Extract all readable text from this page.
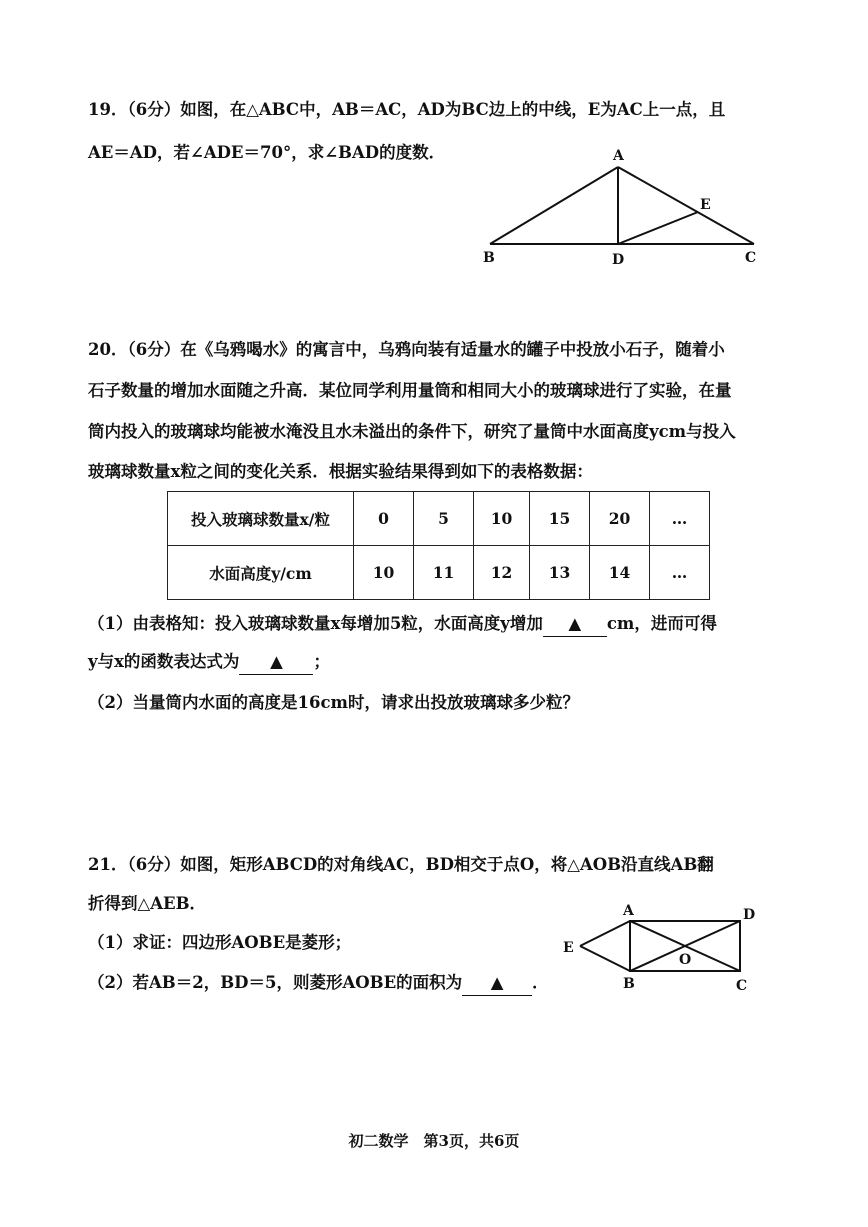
19．（6分）如图，在△ABC中，AB＝AC，AD为BC边上的中线，E为AC上一点，且
AE＝AD，若∠ADE＝70°，求∠BAD的度数．	A
B	C
D
E
20．（6分）在《乌鸦喝水》的寓言中，乌鸦向装有适量水的罐子中投放小石子，随着小
石子数量的增加水面随之升高．某位同学利用量筒和相同大小的玻璃球进行了实验，在量
筒内投入的玻璃球均能被水淹没且水未溢出的条件下，研究了量筒中水面高度ycm与投入
玻璃球数量x粒之间的变化关系．根据实验结果得到如下的表格数据：
投入玻璃球数量x/粒	0	5	10	15	20	…
水面高度y/cm	10	11	12	13	14	…
（1）由表格知：投入玻璃球数量x每增加5粒，水面高度y增加 ▲ cm，进而可得
y与x的函数表达式为 ▲ ；
（2）当量筒内水面的高度是16cm时，请求出投放玻璃球多少粒？
21．（6分）如图，矩形ABCD的对角线AC，BD相交于点O，将△AOB沿直线AB翻
折得到△AEB．
（1）求证：四边形AOBE是菱形；
（2）若AB＝2，BD＝5，则菱形AOBE的面积为 ▲ ．
A	D
E
O
B	C
初二数学　第3页，共6页
